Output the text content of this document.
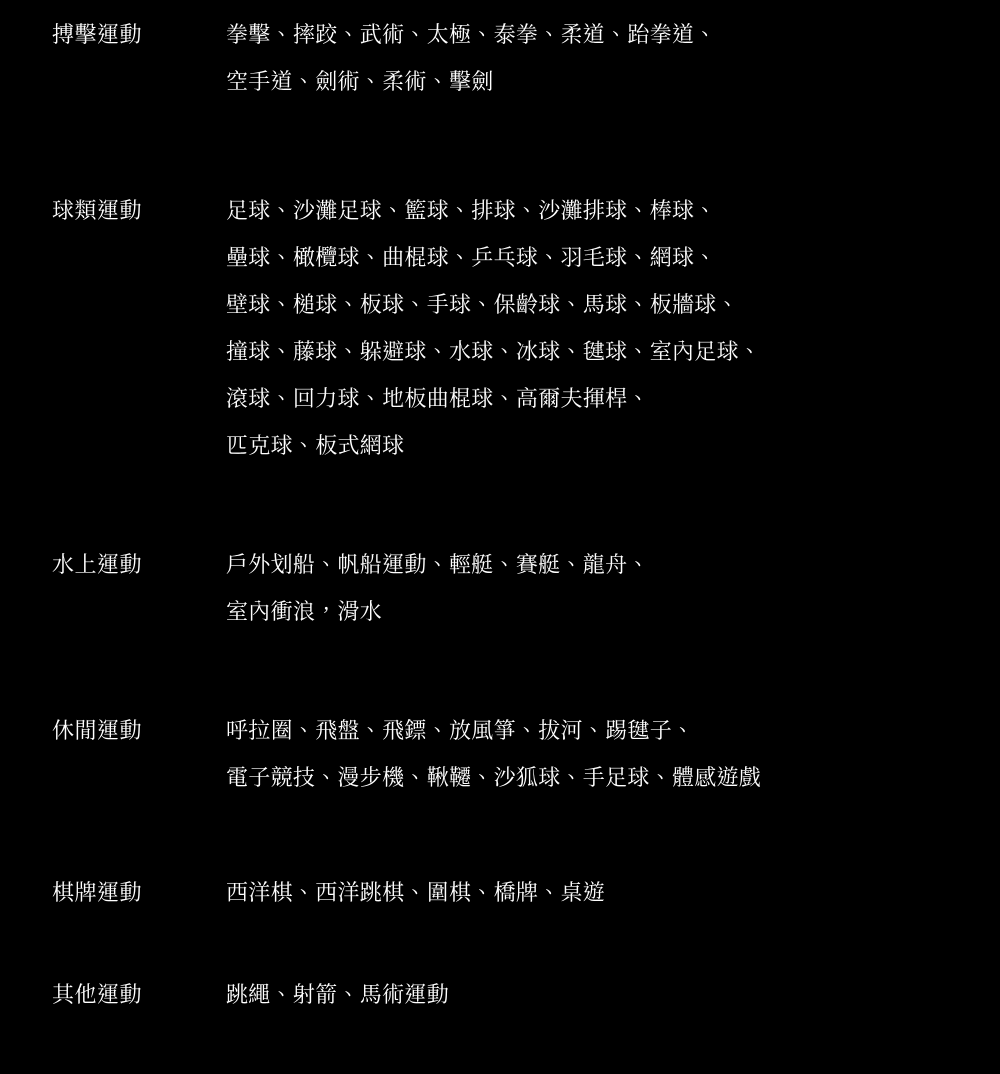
搏擊運動	拳擊、摔跤、武術、太極、泰拳、柔道、跆拳道、
空手道、劍術、柔術、擊劍
球類運動	足球、沙灘足球、籃球、排球、沙灘排球、棒球、
壘球、橄欖球、曲棍球、乒乓球、羽毛球、網球、
壁球、槌球、板球、手球、保齡球、馬球、板牆球、
撞球、藤球、躲避球、水球、冰球、毽球、室內足球、
滾球、回力球、地板曲棍球、高爾夫揮桿、
匹克球、板式網球
水上運動	戶外划船、帆船運動、輕艇、賽艇、龍舟、
室內衝浪，滑水
休閒運動	呼拉圈、飛盤、飛鏢、放風箏、拔河、踢毽子、
電子競技、漫步機、鞦韆、沙狐球、手足球、體感遊戲
棋牌運動	西洋棋、西洋跳棋、圍棋、橋牌、桌遊
其他運動	跳繩、射箭、馬術運動
